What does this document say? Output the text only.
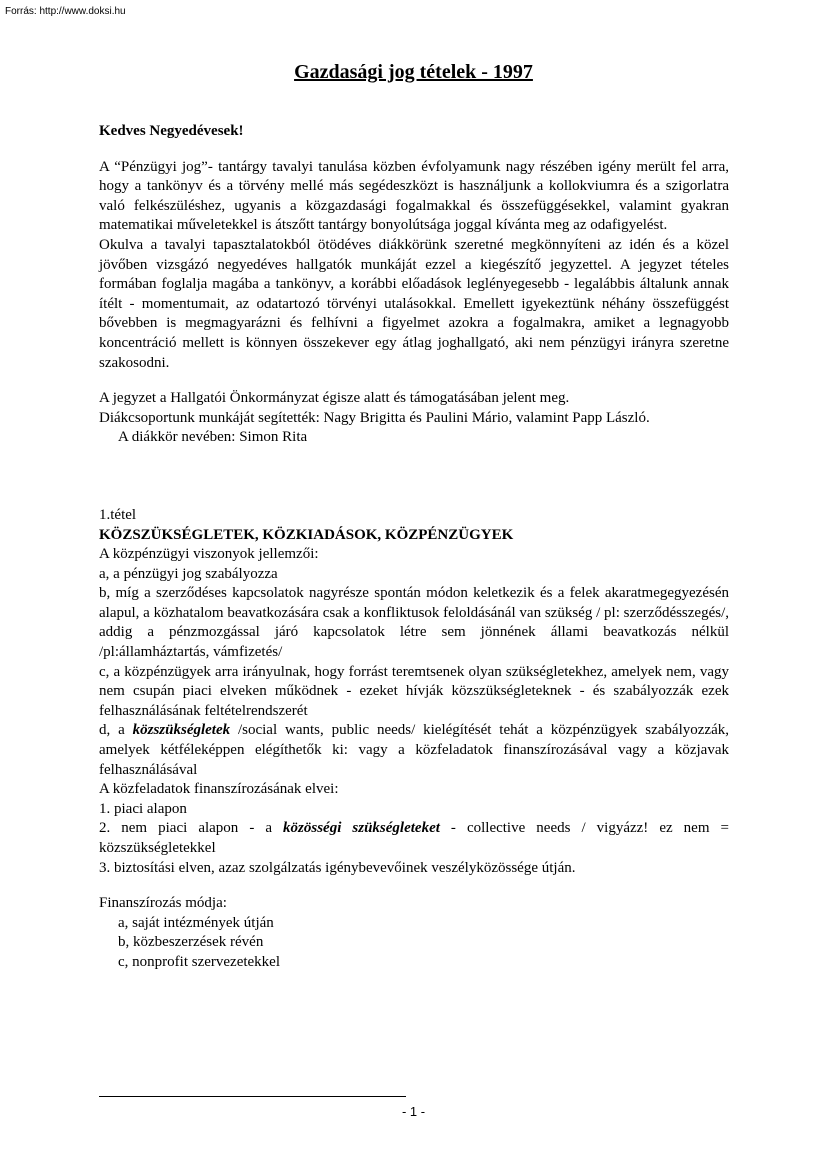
Forrás: http://www.doksi.hu
Gazdasági jog tételek - 1997

Kedves Negyedévesek!

A “Pénzügyi jog”- tantárgy tavalyi tanulása közben évfolyamunk nagy részében igény merült fel arra, hogy a tankönyv és a törvény mellé más segédeszközt is használjunk a kollokviumra és a szigorlatra való felkészüléshez, ugyanis a közgazdasági fogalmakkal és összefüggésekkel, valamint gyakran matematikai műveletekkel is átszőtt tantárgy bonyolútsága joggal kívánta meg az odafigyelést.

Okulva a tavalyi tapasztalatokból ötödéves diákkörünk szeretné megkönnyíteni az idén és a közel jövőben vizsgázó negyedéves hallgatók munkáját ezzel a kiegészítő jegyzettel. A jegyzet tételes formában foglalja magába a tankönyv, a korábbi előadások leglényegesebb - legalábbis általunk annak ítélt - momentumait, az odatartozó törvényi utalásokkal. Emellett igyekeztünk néhány összefüggést bővebben is megmagyarázni és felhívni a figyelmet azokra a fogalmakra, amiket a legnagyobb koncentráció mellett is könnyen összekever egy átlag joghallgató, aki nem pénzügyi irányra szeretne szakosodni.

A jegyzet a Hallgatói Önkormányzat égisze alatt és támogatásában jelent meg.

Diákcsoportunk munkáját segítették: Nagy Brigitta és Paulini Mário, valamint Papp László.

A diákkör nevében: Simon Rita

1.tétel

KÖZSZÜKSÉGLETEK, KÖZKIADÁSOK, KÖZPÉNZÜGYEK

A közpénzügyi viszonyok jellemzői:

a, a pénzügyi jog szabályozza

b, míg a szerződéses kapcsolatok nagyrésze spontán módon keletkezik és a felek akaratmegegyezésén alapul, a közhatalom beavatkozására csak a konfliktusok feloldásánál van szükség / pl: szerződésszegés/, addig a pénzmozgással járó kapcsolatok létre sem jönnének állami beavatkozás nélkül /pl:államháztartás, vámfizetés/

c, a közpénzügyek arra irányulnak, hogy forrást teremtsenek olyan szükségletekhez, amelyek nem, vagy nem csupán piaci elveken működnek - ezeket hívják közszükségleteknek - és szabályozzák ezek felhasználásának feltételrendszerét

d, a közszükségletek /social wants, public needs/ kielégítését tehát a közpénzügyek szabályozzák, amelyek kétféleképpen elégíthetők ki: vagy a közfeladatok finanszírozásával vagy a közjavak felhasználásával

A közfeladatok finanszírozásának elvei:

1. piaci alapon

2. nem piaci alapon - a közösségi szükségleteket - collective needs / vigyázz! ez nem = közszükségletekkel

3. biztosítási elven, azaz szolgálzatás igénybevevőinek veszélyközössége útján.

Finanszírozás módja:

a, saját intézmények útján

b, közbeszerzések révén

c, nonprofit szervezetekkel

- 1 -
